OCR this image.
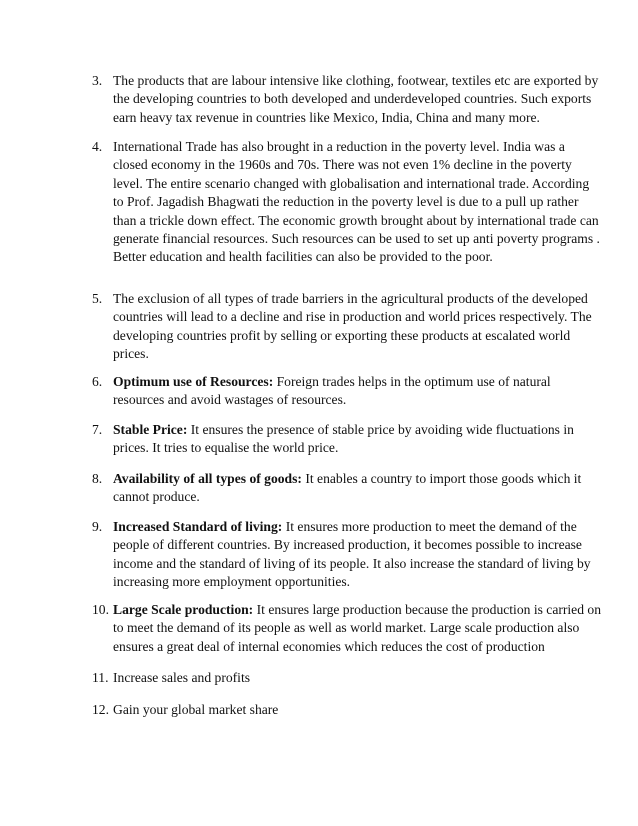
3. The products that are labour intensive like clothing, footwear, textiles etc are exported by
the developing countries to both developed and underdeveloped countries. Such exports
earn heavy tax revenue in countries like Mexico, India, China and many more.
4. International Trade has also brought in a reduction in the poverty level. India was a
closed economy in the 1960s and 70s. There was not even 1% decline in the poverty
level. The entire scenario changed with globalisation and international trade. According
to Prof. Jagadish Bhagwati the reduction in the poverty level is due to a pull up rather
than a trickle down effect. The economic growth brought about by international trade can
generate financial resources. Such resources can be used to set up anti poverty programs .
Better education and health facilities can also be provided to the poor.
5. The exclusion of all types of trade barriers in the agricultural products of the developed
countries will lead to a decline and rise in production and world prices respectively. The
developing countries profit by selling or exporting these products at escalated world
prices.
6. Optimum use of Resources: Foreign trades helps in the optimum use of natural
resources and avoid wastages of resources.
7. Stable Price: It ensures the presence of stable price by avoiding wide fluctuations in
prices. It tries to equalise the world price.
8. Availability of all types of goods: It enables a country to import those goods which it
cannot produce.
9. Increased Standard of living: It ensures more production to meet the demand of the
people of different countries. By increased production, it becomes possible to increase
income and the standard of living of its people. It also increase the standard of living by
increasing more employment opportunities.
10. Large Scale production: It ensures large production because the production is carried on
to meet the demand of its people as well as world market. Large scale production also
ensures a great deal of internal economies which reduces the cost of production
11. Increase sales and profits
12. Gain your global market share
